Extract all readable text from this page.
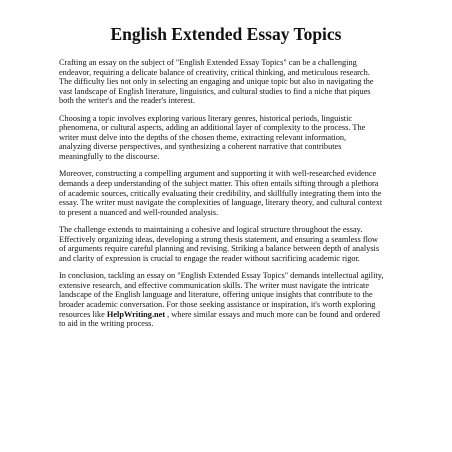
English Extended Essay Topics

Crafting an essay on the subject of "English Extended Essay Topics" can be a challenging
endeavor, requiring a delicate balance of creativity, critical thinking, and meticulous research.
The difficulty lies not only in selecting an engaging and unique topic but also in navigating the
vast landscape of English literature, linguistics, and cultural studies to find a niche that piques
both the writer's and the reader's interest.

Choosing a topic involves exploring various literary genres, historical periods, linguistic
phenomena, or cultural aspects, adding an additional layer of complexity to the process. The
writer must delve into the depths of the chosen theme, extracting relevant information,
analyzing diverse perspectives, and synthesizing a coherent narrative that contributes
meaningfully to the discourse.

Moreover, constructing a compelling argument and supporting it with well-researched evidence
demands a deep understanding of the subject matter. This often entails sifting through a plethora
of academic sources, critically evaluating their credibility, and skillfully integrating them into the
essay. The writer must navigate the complexities of language, literary theory, and cultural context
to present a nuanced and well-rounded analysis.

The challenge extends to maintaining a cohesive and logical structure throughout the essay.
Effectively organizing ideas, developing a strong thesis statement, and ensuring a seamless flow
of arguments require careful planning and revising. Striking a balance between depth of analysis
and clarity of expression is crucial to engage the reader without sacrificing academic rigor.

In conclusion, tackling an essay on "English Extended Essay Topics" demands intellectual agility,
extensive research, and effective communication skills. The writer must navigate the intricate
landscape of the English language and literature, offering unique insights that contribute to the
broader academic conversation. For those seeking assistance or inspiration, it's worth exploring
resources like HelpWriting.net , where similar essays and much more can be found and ordered
to aid in the writing process.
